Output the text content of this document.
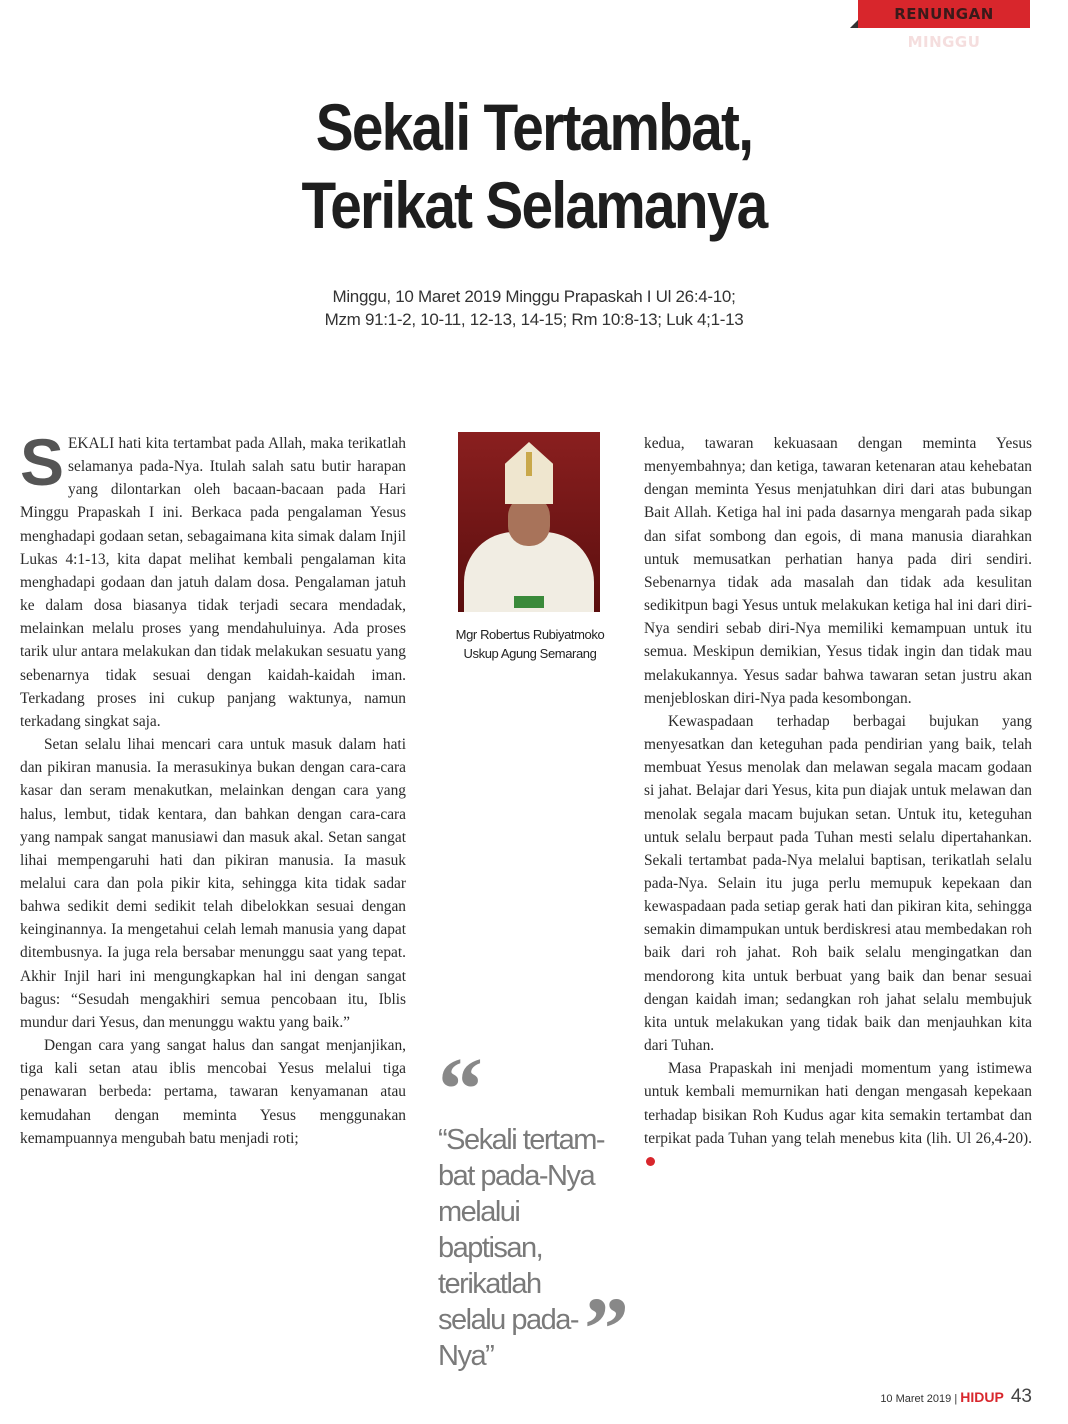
RENUNGAN MINGGU
Sekali Tertambat,
Terikat Selamanya
Minggu, 10 Maret 2019 Minggu Prapaskah I Ul 26:4-10;
Mzm 91:1-2, 10-11, 12-13, 14-15; Rm 10:8-13; Luk 4;1-13

SEKALI hati kita tertambat pada Allah, maka terikatlah selamanya pada-Nya. Itulah salah satu butir harapan yang dilontarkan oleh bacaan-bacaan pada Hari Minggu Prapaskah I ini. Berkaca pada pengalaman Yesus menghadapi godaan setan, sebagaimana kita simak dalam Injil Lukas 4:1-13, kita dapat melihat kembali pengalaman kita menghadapi godaan dan jatuh dalam dosa. Pengalaman jatuh ke dalam dosa biasanya tidak terjadi secara mendadak, melainkan melalu proses yang mendahuluinya. Ada proses tarik ulur antara melakukan dan tidak melakukan sesuatu yang sebenarnya tidak sesuai dengan kaidah-kaidah iman. Terkadang proses ini cukup panjang waktunya, namun terkadang singkat saja.

Setan selalu lihai mencari cara untuk masuk dalam hati dan pikiran manusia. Ia merasukinya bukan dengan cara-cara kasar dan seram menakutkan, melainkan dengan cara yang halus, lembut, tidak kentara, dan bahkan dengan cara-cara yang nampak sangat manusiawi dan masuk akal. Setan sangat lihai mempengaruhi hati dan pikiran manusia. Ia masuk melalui cara dan pola pikir kita, sehingga kita tidak sadar bahwa sedikit demi sedikit telah dibelokkan sesuai dengan keinginannya. Ia mengetahui celah lemah manusia yang dapat ditembusnya. Ia juga rela bersabar menunggu saat yang tepat. Akhir Injil hari ini mengungkapkan hal ini dengan sangat bagus: “Sesudah mengakhiri semua pencobaan itu, Iblis mundur dari Yesus, dan menunggu waktu yang baik.”

Dengan cara yang sangat halus dan sangat menjanjikan, tiga kali setan atau iblis mencobai Yesus melalui tiga penawaran berbeda: pertama, tawaran kenyamanan atau kemudahan dengan meminta Yesus menggunakan kemampuannya mengubah batu menjadi roti;

Mgr Robertus Rubiyatmoko
Uskup Agung Semarang
“
“Sekali tertam-bat pada-Nya melalui baptisan, terikatlah selalu pada-Nya”	”

kedua, tawaran kekuasaan dengan meminta Yesus menyembahnya; dan ketiga, tawaran ketenaran atau kehebatan dengan meminta Yesus menjatuhkan diri dari atas bubungan Bait Allah. Ketiga hal ini pada dasarnya mengarah pada sikap dan sifat sombong dan egois, di mana manusia diarahkan untuk memusatkan perhatian hanya pada diri sendiri. Sebenarnya tidak ada masalah dan tidak ada kesulitan sedikitpun bagi Yesus untuk melakukan ketiga hal ini dari diri-Nya sendiri sebab diri-Nya memiliki kemampuan untuk itu semua. Meskipun demikian, Yesus tidak ingin dan tidak mau melakukannya. Yesus sadar bahwa tawaran setan justru akan menjebloskan diri-Nya pada kesombongan.

Kewaspadaan terhadap berbagai bujukan yang menyesatkan dan keteguhan pada pendirian yang baik, telah membuat Yesus menolak dan melawan segala macam godaan si jahat. Belajar dari Yesus, kita pun diajak untuk melawan dan menolak segala macam bujukan setan. Untuk itu, keteguhan untuk selalu berpaut pada Tuhan mesti selalu dipertahankan. Sekali tertambat pada-Nya melalui baptisan, terikatlah selalu pada-Nya. Selain itu juga perlu memupuk kepekaan dan kewaspadaan pada setiap gerak hati dan pikiran kita, sehingga semakin dimampukan untuk berdiskresi atau membedakan roh baik dari roh jahat. Roh baik selalu mengingatkan dan mendorong kita untuk berbuat yang baik dan benar sesuai dengan kaidah iman; sedangkan roh jahat selalu membujuk kita untuk melakukan yang tidak baik dan menjauhkan kita dari Tuhan.

Masa Prapaskah ini menjadi momentum yang istimewa untuk kembali memurnikan hati dengan mengasah kepekaan terhadap bisikan Roh Kudus agar kita semakin tertambat dan terpikat pada Tuhan yang telah menebus kita (lih. Ul 26,4-20).

10 Maret 2019 | HIDUP 43
